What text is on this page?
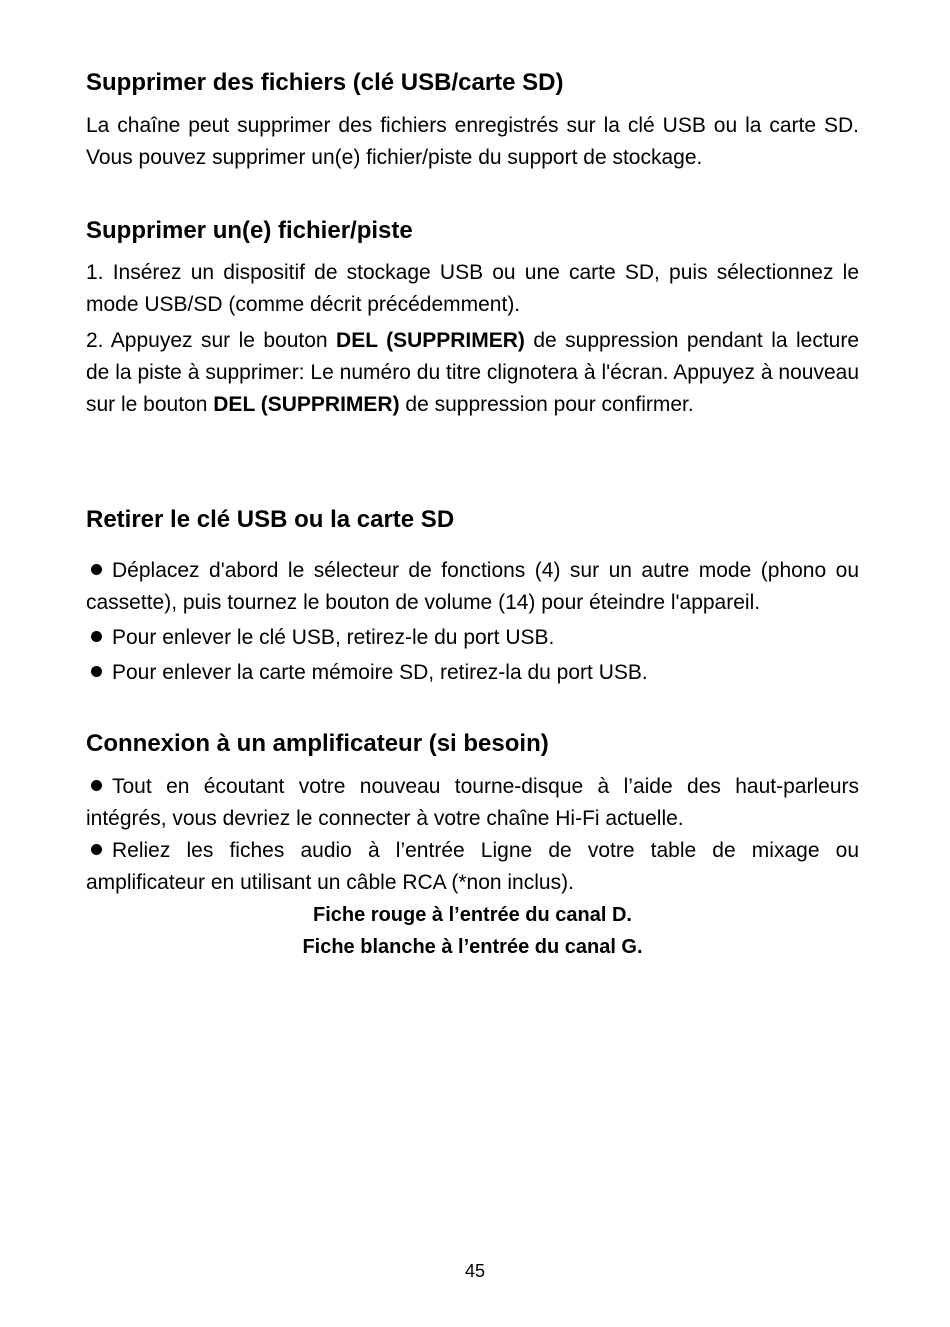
Supprimer des fichiers (clé USB/carte SD)

La chaîne peut supprimer des fichiers enregistrés sur la clé USB ou la carte SD. Vous pouvez supprimer un(e) fichier/piste du support de stockage.

Supprimer un(e) fichier/piste

1. Insérez un dispositif de stockage USB ou une carte SD, puis sélectionnez le mode USB/SD (comme décrit précédemment).

2. Appuyez sur le bouton DEL (SUPPRIMER) de suppression pendant la lecture de la piste à supprimer: Le numéro du titre clignotera à l'écran. Appuyez à nouveau sur le bouton DEL (SUPPRIMER) de suppression pour confirmer.

Retirer le clé USB ou la carte SD

Déplacez d'abord le sélecteur de fonctions (4) sur un autre mode (phono ou cassette), puis tournez le bouton de volume (14) pour éteindre l'appareil.

Pour enlever le clé USB, retirez-le du port USB.

Pour enlever la carte mémoire SD, retirez-la du port USB.

Connexion à un amplificateur (si besoin)

Tout en écoutant votre nouveau tourne-disque à l’aide des haut-parleurs intégrés, vous devriez le connecter à votre chaîne Hi-Fi actuelle.

Reliez les fiches audio à l’entrée Ligne de votre table de mixage ou amplificateur en utilisant un câble RCA (*non inclus).

Fiche rouge à l’entrée du canal D.

Fiche blanche à l’entrée du canal G.

45
